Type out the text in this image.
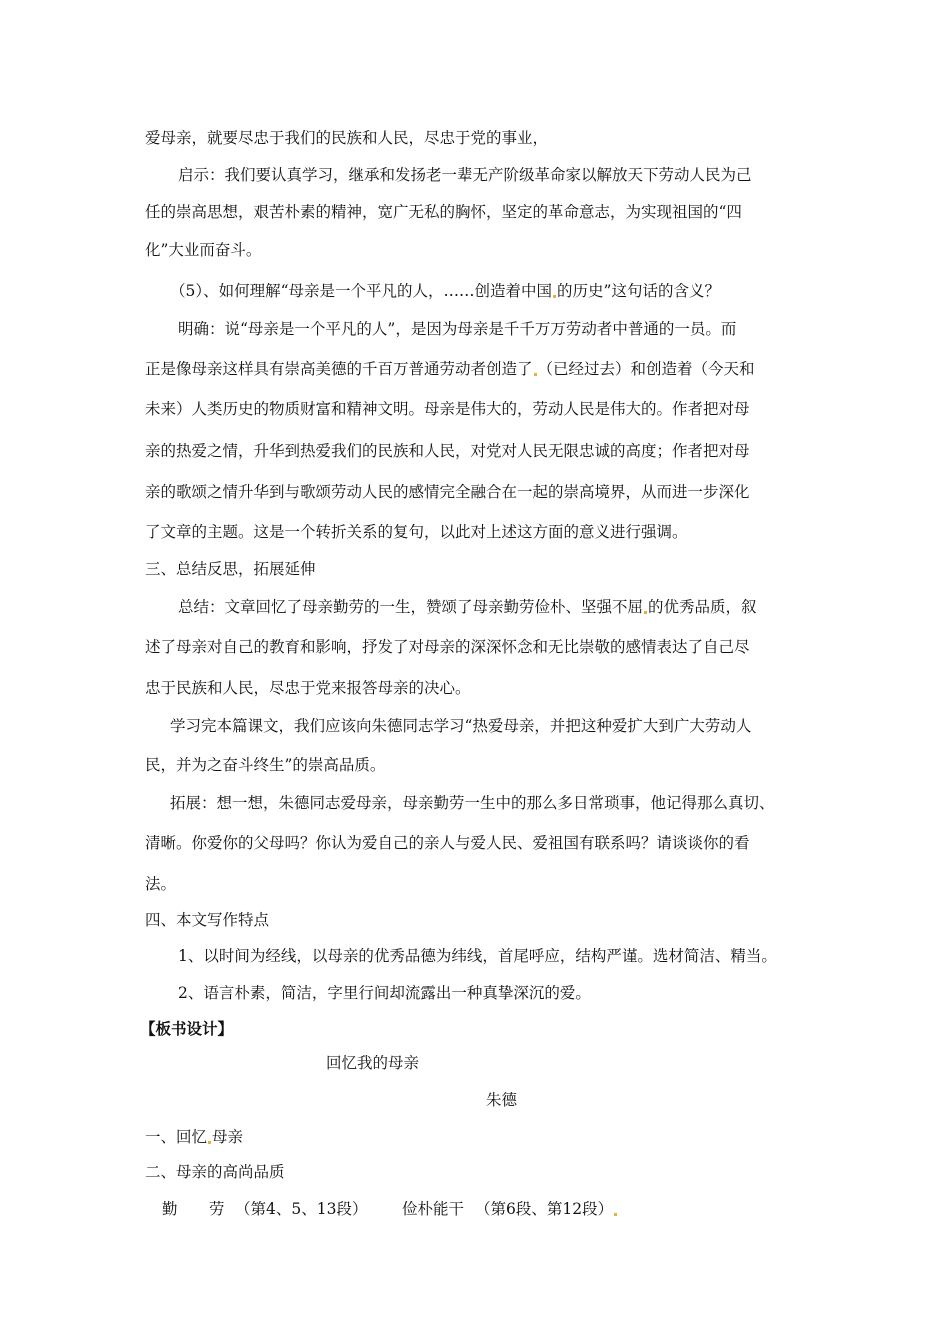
爱母亲，就要尽忠于我们的民族和人民，尽忠于党的事业，
启示：我们要认真学习，继承和发扬老一辈无产阶级革命家以解放天下劳动人民为己
任的崇高思想，艰苦朴素的精神，宽广无私的胸怀，坚定的革命意志，为实现祖国的“四
化”大业而奋斗。
（5）、如何理解“母亲是一个平凡的人，……创造着中国 的历史”这句话的含义？
明确：说“母亲是一个平凡的人”，是因为母亲是千千万万劳动者中普通的一员。而
正是像母亲这样具有崇高美德的千百万普通劳动者创造了 （已经过去）和创造着（今天和
未来）人类历史的物质财富和精神文明。母亲是伟大的，劳动人民是伟大的。作者把对母
亲的热爱之情，升华到热爱我们的民族和人民，对党对人民无限忠诚的高度；作者把对母
亲的歌颂之情升华到与歌颂劳动人民的感情完全融合在一起的崇高境界，从而进一步深化
了文章的主题。这是一个转折关系的复句，以此对上述这方面的意义进行强调。
三、总结反思，拓展延伸
总结：文章回忆了母亲勤劳的一生，赞颂了母亲勤劳俭朴、坚强不屈 的优秀品质，叙
述了母亲对自己的教育和影响，抒发了对母亲的深深怀念和无比崇敬的感情表达了自己尽
忠于民族和人民，尽忠于党来报答母亲的决心。
学习完本篇课文，我们应该向朱德同志学习“热爱母亲，并把这种爱扩大到广大劳动人
民，并为之奋斗终生”的崇高品质。
拓展：想一想，朱德同志爱母亲，母亲勤劳一生中的那么多日常琐事，他记得那么真切、
清晰。你爱你的父母吗？你认为爱自己的亲人与爱人民、爱祖国有联系吗？请谈谈你的看
法。
四、本文写作特点
1、以时间为经线，以母亲的优秀品德为纬线，首尾呼应，结构严谨。选材简洁、精当。
2、语言朴素，简洁，字里行间却流露出一种真挚深沉的爱。
【板书设计】
回忆我的母亲
朱德
一、回忆 母亲
二、母亲的高尚品质
勤 劳 （第4、5、13段） 俭朴能干 （第6段、第12段）
